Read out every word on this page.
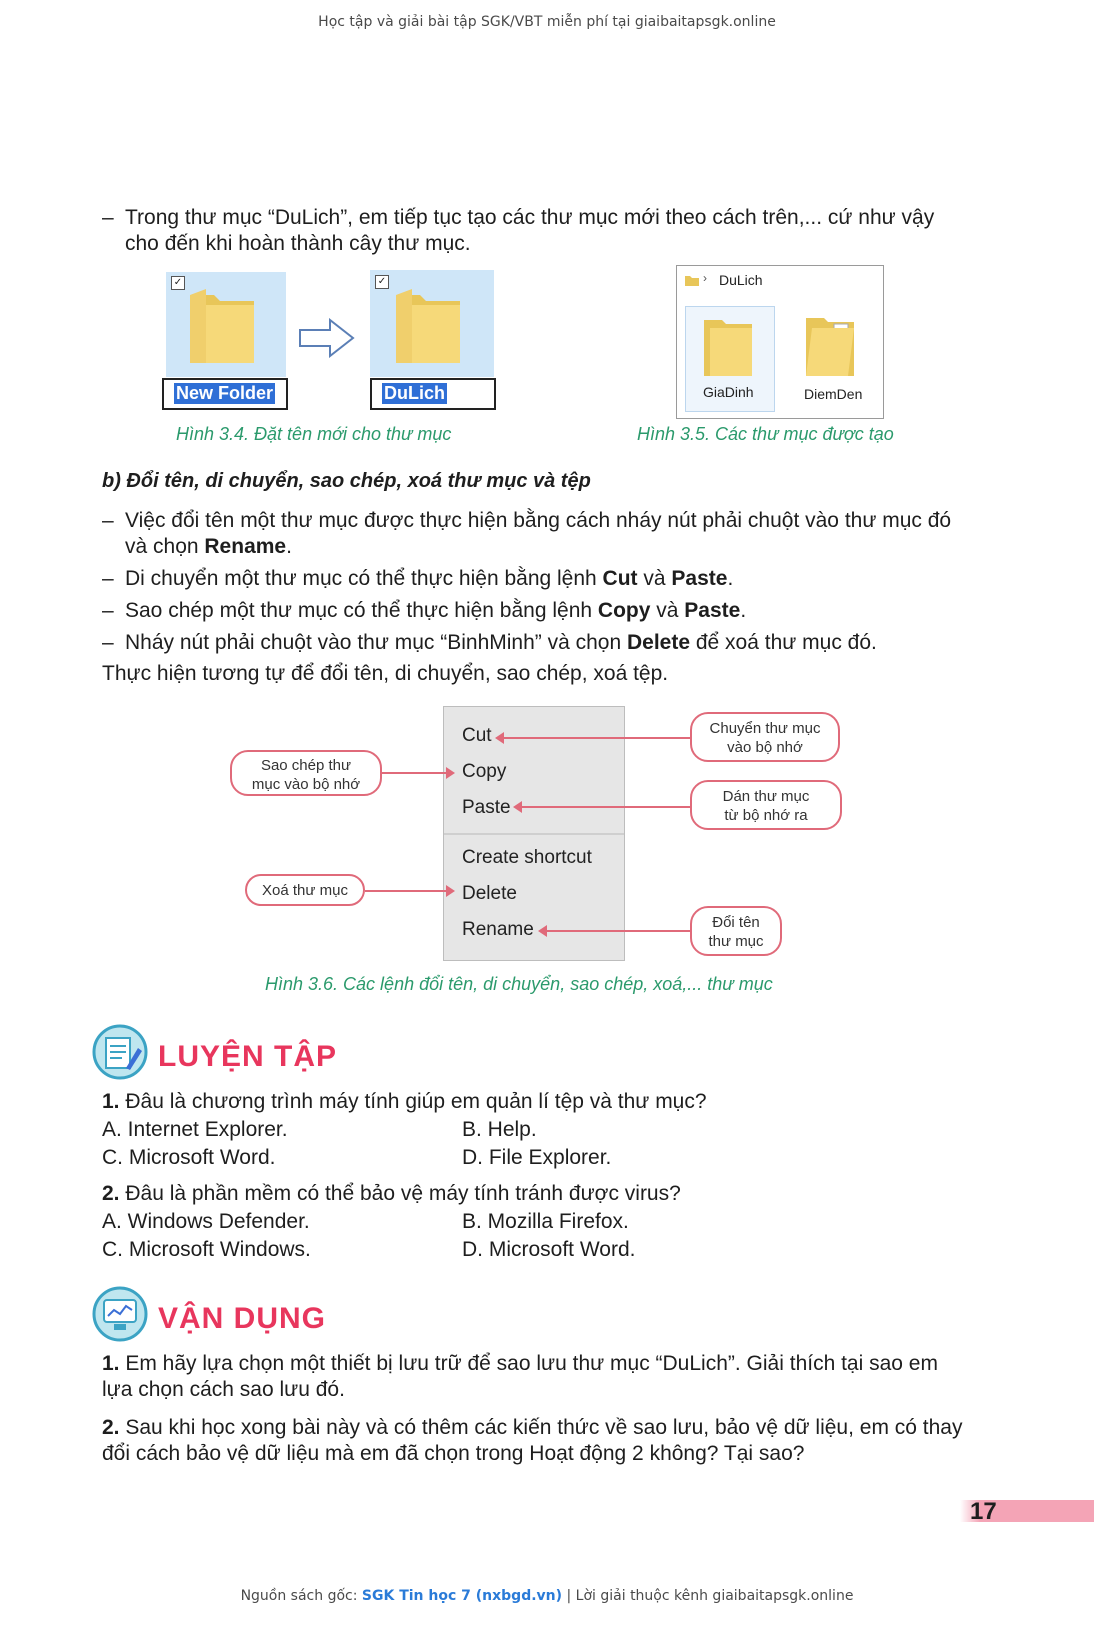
Học tập và giải bài tập SGK/VBT miễn phí tại giaibaitapsgk.online
– Trong thư mục “DuLich”, em tiếp tục tạo các thư mục mới theo cách trên,... cứ như vậy
cho đến khi hoàn thành cây thư mục.
✓
New Folder
✓
DuLich
Hình 3.4. Đặt tên mới cho thư mục
› DuLich
GiaDinh	DiemDen
Hình 3.5. Các thư mục được tạo
b) Đổi tên, di chuyển, sao chép, xoá thư mục và tệp
– Việc đổi tên một thư mục được thực hiện bằng cách nháy nút phải chuột vào thư mục đó
và chọn Rename.
– Di chuyển một thư mục có thể thực hiện bằng lệnh Cut và Paste.
– Sao chép một thư mục có thể thực hiện bằng lệnh Copy và Paste.
– Nháy nút phải chuột vào thư mục “BinhMinh” và chọn Delete để xoá thư mục đó.
Thực hiện tương tự để đổi tên, di chuyển, sao chép, xoá tệp.
Cut
Copy
Paste
Create shortcut
Delete
Rename
Chuyển thư mục
vào bộ nhớ
Sao chép thư
mục vào bộ nhớ
Dán thư mục
từ bộ nhớ ra
Xoá thư mục
Đổi tên
thư mục
Hình 3.6. Các lệnh đổi tên, di chuyển, sao chép, xoá,... thư mục
LUYỆN TẬP
1. Đâu là chương trình máy tính giúp em quản lí tệp và thư mục?
A. Internet Explorer.	B. Help.
C. Microsoft Word.	D. File Explorer.
2. Đâu là phần mềm có thể bảo vệ máy tính tránh được virus?
A. Windows Defender.	B. Mozilla Firefox.
C. Microsoft Windows.	D. Microsoft Word.
VẬN DỤNG
1. Em hãy lựa chọn một thiết bị lưu trữ để sao lưu thư mục “DuLich”. Giải thích tại sao em
lựa chọn cách sao lưu đó.
2. Sau khi học xong bài này và có thêm các kiến thức về sao lưu, bảo vệ dữ liệu, em có thay
đổi cách bảo vệ dữ liệu mà em đã chọn trong Hoạt động 2 không? Tại sao?
17
Nguồn sách gốc: SGK Tin học 7 (nxbgd.vn) | Lời giải thuộc kênh giaibaitapsgk.online
